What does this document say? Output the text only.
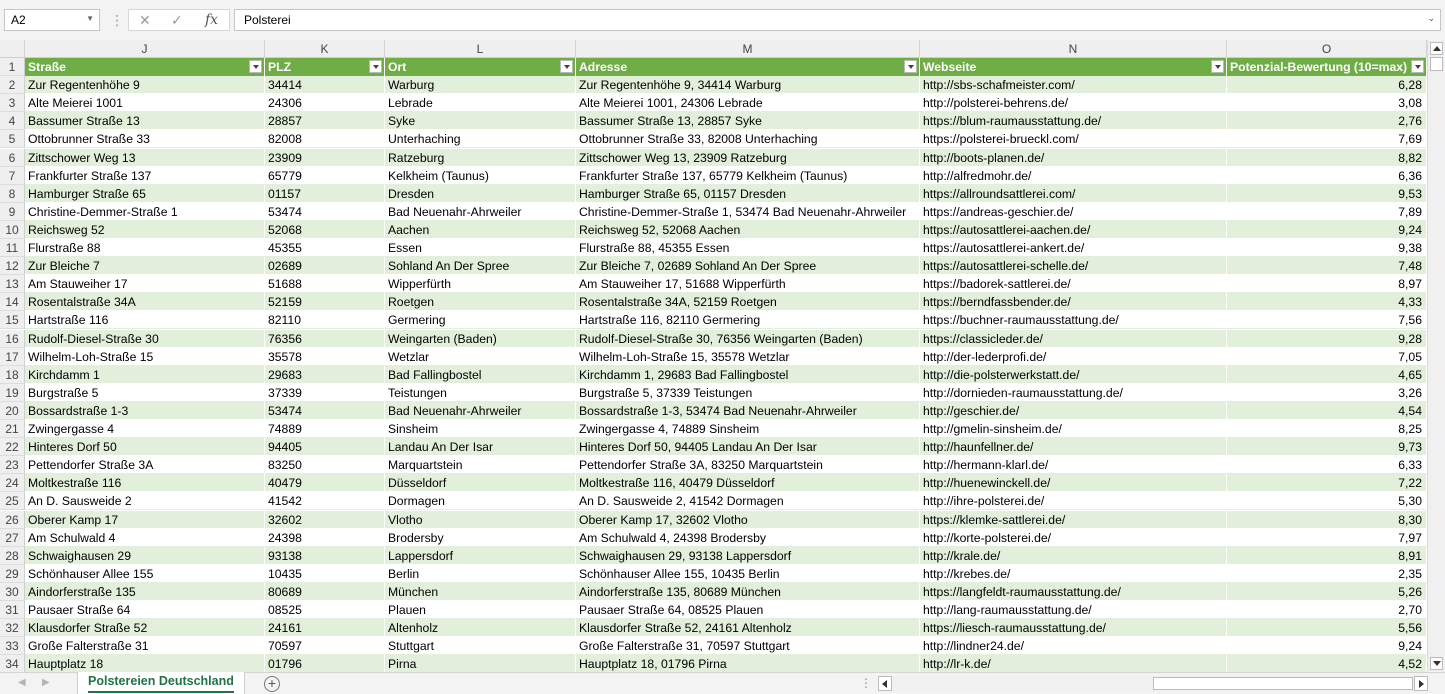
A2	▼ ⋮ ✕ ✓ fx Polsterei	⌄
J	K	L	M	N	O
1	Straße	PLZ	Ort	Adresse	Webseite	Potenzial-Bewertung (10=max)
2	Zur Regentenhöhe 9	34414	Warburg	Zur Regentenhöhe 9, 34414 Warburg	http://sbs-schafmeister.com/	6,28
3	Alte Meierei 1001	24306	Lebrade	Alte Meierei 1001, 24306 Lebrade	http://polsterei-behrens.de/	3,08
4	Bassumer Straße 13	28857	Syke	Bassumer Straße 13, 28857 Syke	https://blum-raumausstattung.de/	2,76
5	Ottobrunner Straße 33	82008	Unterhaching	Ottobrunner Straße 33, 82008 Unterhaching	https://polsterei-brueckl.com/	7,69
6	Zittschower Weg 13	23909	Ratzeburg	Zittschower Weg 13, 23909 Ratzeburg	http://boots-planen.de/	8,82
7	Frankfurter Straße 137	65779	Kelkheim (Taunus)	Frankfurter Straße 137, 65779 Kelkheim (Taunus)	http://alfredmohr.de/	6,36
8	Hamburger Straße 65	01157	Dresden	Hamburger Straße 65, 01157 Dresden	https://allroundsattlerei.com/	9,53
9	Christine-Demmer-Straße 1	53474	Bad Neuenahr-Ahrweiler	Christine-Demmer-Straße 1, 53474 Bad Neuenahr-Ahrweiler	https://andreas-geschier.de/	7,89
10 Reichsweg 52	52068	Aachen	Reichsweg 52, 52068 Aachen	https://autosattlerei-aachen.de/	9,24
11 Flurstraße 88	45355	Essen	Flurstraße 88, 45355 Essen	https://autosattlerei-ankert.de/	9,38
12 Zur Bleiche 7	02689	Sohland An Der Spree	Zur Bleiche 7, 02689 Sohland An Der Spree	https://autosattlerei-schelle.de/	7,48
13 Am Stauweiher 17	51688	Wipperfürth	Am Stauweiher 17, 51688 Wipperfürth	https://badorek-sattlerei.de/	8,97
14 Rosentalstraße 34A	52159	Roetgen	Rosentalstraße 34A, 52159 Roetgen	https://berndfassbender.de/	4,33
15 Hartstraße 116	82110	Germering	Hartstraße 116, 82110 Germering	https://buchner-raumausstattung.de/	7,56
16 Rudolf-Diesel-Straße 30	76356	Weingarten (Baden)	Rudolf-Diesel-Straße 30, 76356 Weingarten (Baden)	https://classicleder.de/	9,28
17 Wilhelm-Loh-Straße 15	35578	Wetzlar	Wilhelm-Loh-Straße 15, 35578 Wetzlar	http://der-lederprofi.de/	7,05
18 Kirchdamm 1	29683	Bad Fallingbostel	Kirchdamm 1, 29683 Bad Fallingbostel	http://die-polsterwerkstatt.de/	4,65
19 Burgstraße 5	37339	Teistungen	Burgstraße 5, 37339 Teistungen	http://dornieden-raumausstattung.de/	3,26
20 Bossardstraße 1-3	53474	Bad Neuenahr-Ahrweiler	Bossardstraße 1-3, 53474 Bad Neuenahr-Ahrweiler	http://geschier.de/	4,54
21 Zwingergasse 4	74889	Sinsheim	Zwingergasse 4, 74889 Sinsheim	http://gmelin-sinsheim.de/	8,25
22 Hinteres Dorf 50	94405	Landau An Der Isar	Hinteres Dorf 50, 94405 Landau An Der Isar	http://haunfellner.de/	9,73
23 Pettendorfer Straße 3A	83250	Marquartstein	Pettendorfer Straße 3A, 83250 Marquartstein	http://hermann-klarl.de/	6,33
24 Moltkestraße 116	40479	Düsseldorf	Moltkestraße 116, 40479 Düsseldorf	http://huenewinckell.de/	7,22
25 An D. Sausweide 2	41542	Dormagen	An D. Sausweide 2, 41542 Dormagen	http://ihre-polsterei.de/	5,30
26 Oberer Kamp 17	32602	Vlotho	Oberer Kamp 17, 32602 Vlotho	https://klemke-sattlerei.de/	8,30
27 Am Schulwald 4	24398	Brodersby	Am Schulwald 4, 24398 Brodersby	http://korte-polsterei.de/	7,97
28 Schwaighausen 29	93138	Lappersdorf	Schwaighausen 29, 93138 Lappersdorf	http://krale.de/	8,91
29 Schönhauser Allee 155	10435	Berlin	Schönhauser Allee 155, 10435 Berlin	http://krebes.de/	2,35
30 Aindorferstraße 135	80689	München	Aindorferstraße 135, 80689 München	https://langfeldt-raumausstattung.de/	5,26
31 Pausaer Straße 64	08525	Plauen	Pausaer Straße 64, 08525 Plauen	http://lang-raumausstattung.de/	2,70
32 Klausdorfer Straße 52	24161	Altenholz	Klausdorfer Straße 52, 24161 Altenholz	https://liesch-raumausstattung.de/	5,56
33 Große Falterstraße 31	70597	Stuttgart	Große Falterstraße 31, 70597 Stuttgart	http://lindner24.de/	9,24
34 Hauptplatz 18	01796	Pirna	Hauptplatz 18, 01796 Pirna	http://lr-k.de/	4,52
◀ ▶	Polstereien Deutschland	+	⋮
